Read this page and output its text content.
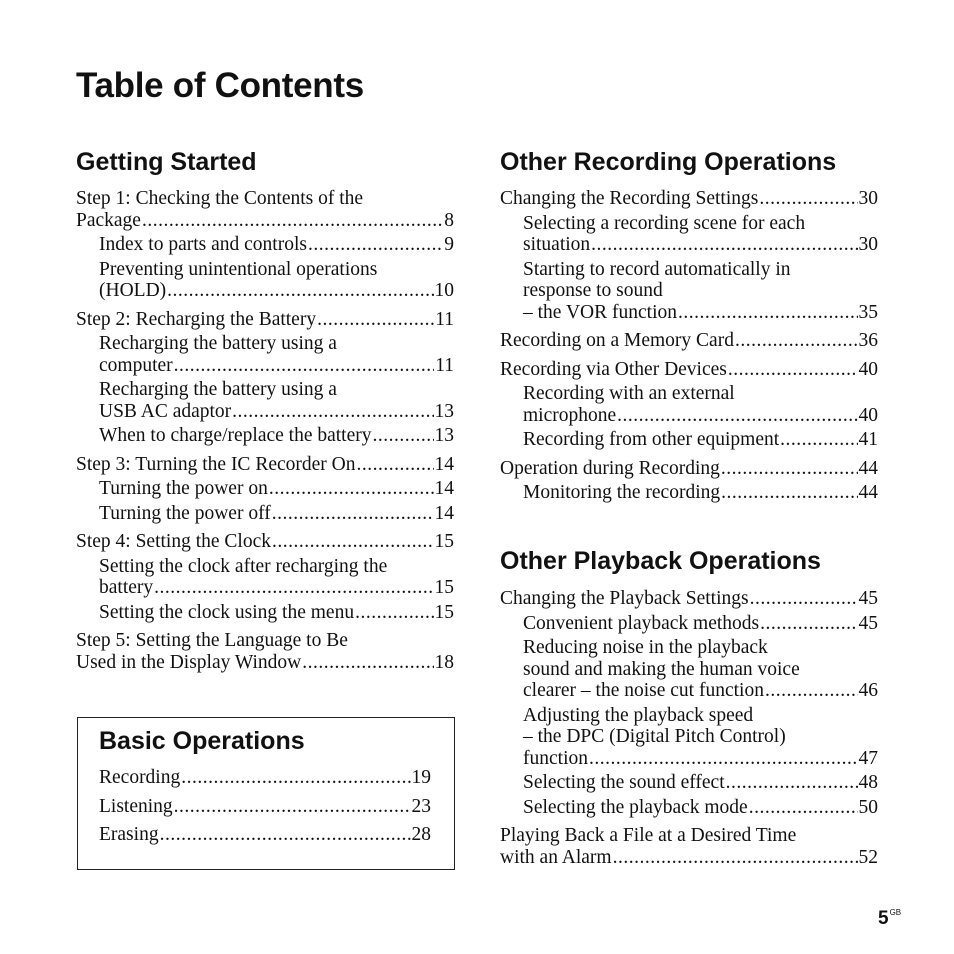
Table of Contents
Getting Started
Step 1: Checking the Contents of the
Package .....	8
Index to parts and controls .....	9
Preventing unintentional operations
(HOLD) .....	10
Step 2: Recharging the Battery .....	11
Recharging the battery using a
computer .....	11
Recharging the battery using a
USB AC adaptor .....	13
When to charge/replace the battery .....	13
Step 3: Turning the IC Recorder On .....	14
Turning the power on .....	14
Turning the power off .....	14
Step 4: Setting the Clock .....	15
Setting the clock after recharging the
battery .....	15
Setting the clock using the menu .....	15
Step 5: Setting the Language to Be
Used in the Display Window .....	18
Basic Operations
Recording .....	19
Listening .....	23
Erasing .....	28
Other Recording Operations
Changing the Recording Settings .....	30
Selecting a recording scene for each
situation .....	30
Starting to record automatically in
response to sound
– the VOR function .....	35
Recording on a Memory Card .....	36
Recording via Other Devices .....	40
Recording with an external
microphone .....	40
Recording from other equipment .....	41
Operation during Recording .....	44
Monitoring the recording .....	44
Other Playback Operations
Changing the Playback Settings .....	45
Convenient playback methods .....	45
Reducing noise in the playback
sound and making the human voice
clearer – the noise cut function .....	46
Adjusting the playback speed
– the DPC (Digital Pitch Control)
function .....	47
Selecting the sound effect .....	48
Selecting the playback mode .....	50
Playing Back a File at a Desired Time
with an Alarm .....	52
$5^{GB}$
